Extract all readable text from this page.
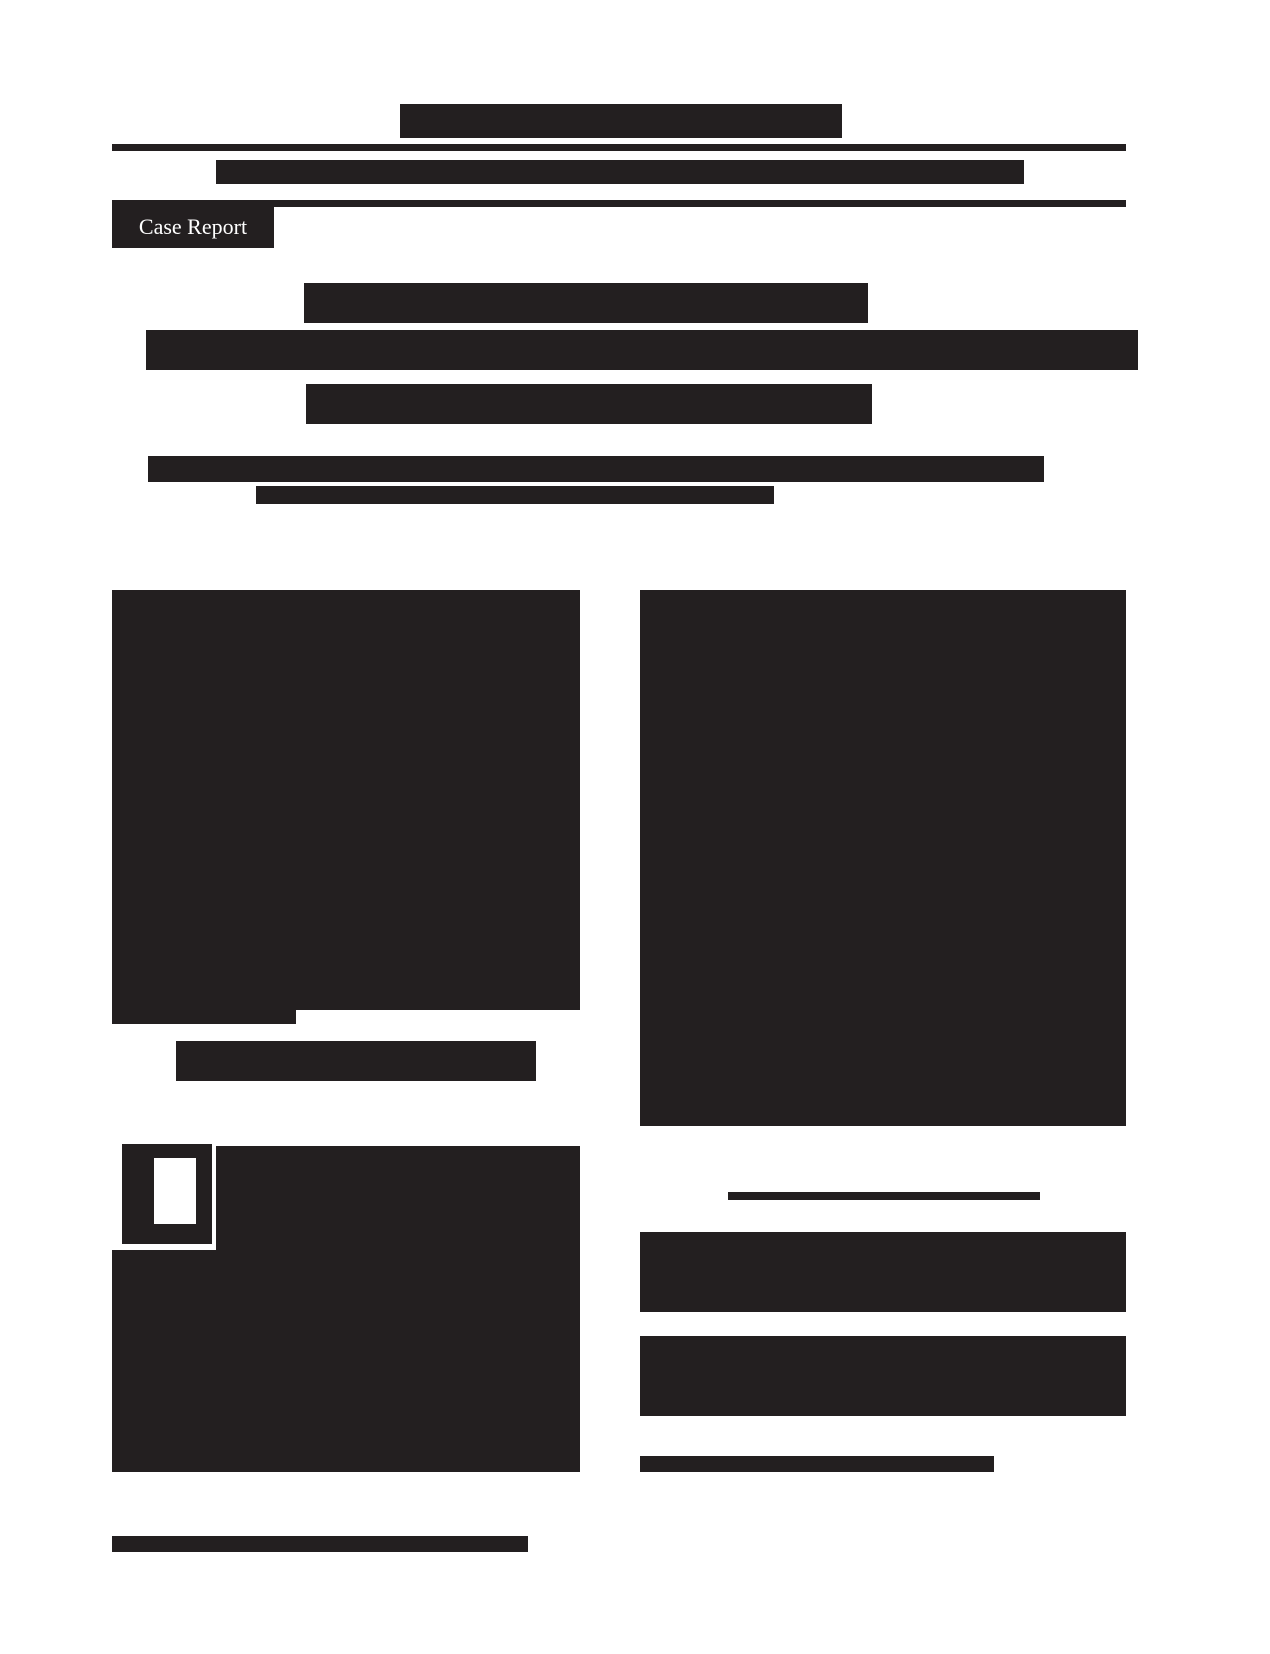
Case Report
